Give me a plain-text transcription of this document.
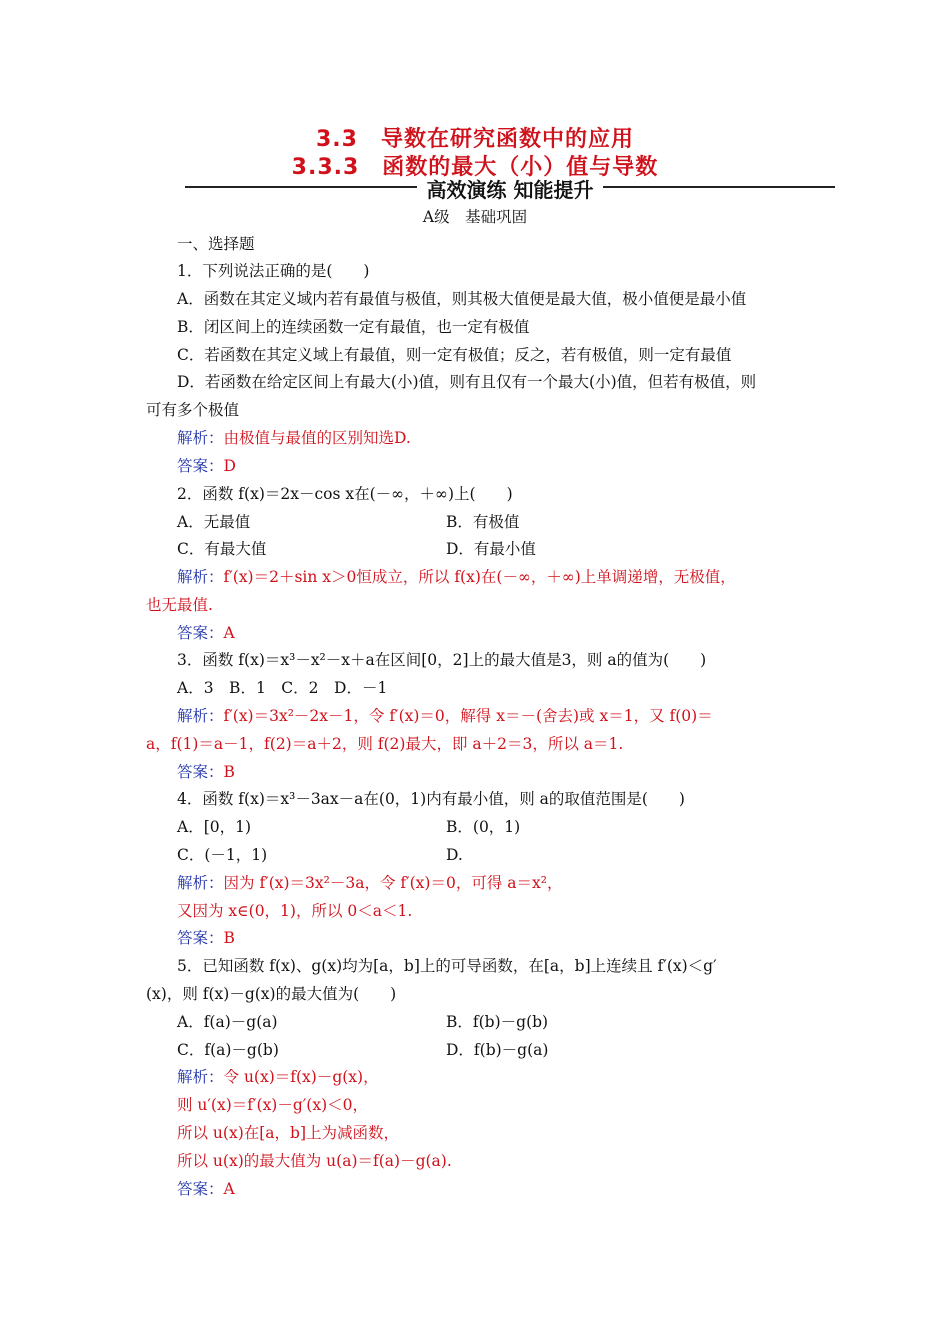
3.3　导数在研究函数中的应用
3.3.3　函数的最大（小）值与导数
高效演练 知能提升
A级　基础巩固
一、选择题
1．下列说法正确的是(　　)
A．函数在其定义域内若有最值与极值，则其极大值便是最大值，极小值便是最小值
B．闭区间上的连续函数一定有最值，也一定有极值
C．若函数在其定义域上有最值，则一定有极值；反之，若有极值，则一定有最值
D．若函数在给定区间上有最大(小)值，则有且仅有一个最大(小)值，但若有极值，则
可有多个极值
解析：由极值与最值的区别知选D.
答案：D
2．函数 f(x)＝2x－cos x在(－∞，＋∞)上(　　)
A．无最值	B．有极值
C．有最大值	D．有最小值
解析：f′(x)＝2＋sin x＞0恒成立，所以 f(x)在(－∞，＋∞)上单调递增，无极值，
也无最值.
答案：A
3．函数 f(x)＝x³－x²－x＋a在区间[0，2]上的最大值是3，则 a的值为(　　)
A．3　B．1　C．2　D．－1
解析：f′(x)＝3x²－2x－1，令 f′(x)＝0，解得 x＝－(舍去)或 x＝1，又 f(0)＝
a，f(1)＝a－1，f(2)＝a＋2，则 f(2)最大，即 a＋2＝3，所以 a＝1.
答案：B
4．函数 f(x)＝x³－3ax－a在(0，1)内有最小值，则 a的取值范围是(　　)
A．[0，1)	B．(0，1)
C．(－1，1)	D.
解析：因为 f′(x)＝3x²－3a，令 f′(x)＝0，可得 a＝x²，
又因为 x∈(0，1)，所以 0＜a＜1.
答案：B
5．已知函数 f(x)、g(x)均为[a，b]上的可导函数，在[a，b]上连续且 f′(x)＜g′
(x)，则 f(x)－g(x)的最大值为(　　)
A．f(a)－g(a)	B．f(b)－g(b)
C．f(a)－g(b)	D．f(b)－g(a)
解析：令 u(x)＝f(x)－g(x)，
则 u′(x)＝f′(x)－g′(x)＜0，
所以 u(x)在[a，b]上为减函数，
所以 u(x)的最大值为 u(a)＝f(a)－g(a).
答案：A
